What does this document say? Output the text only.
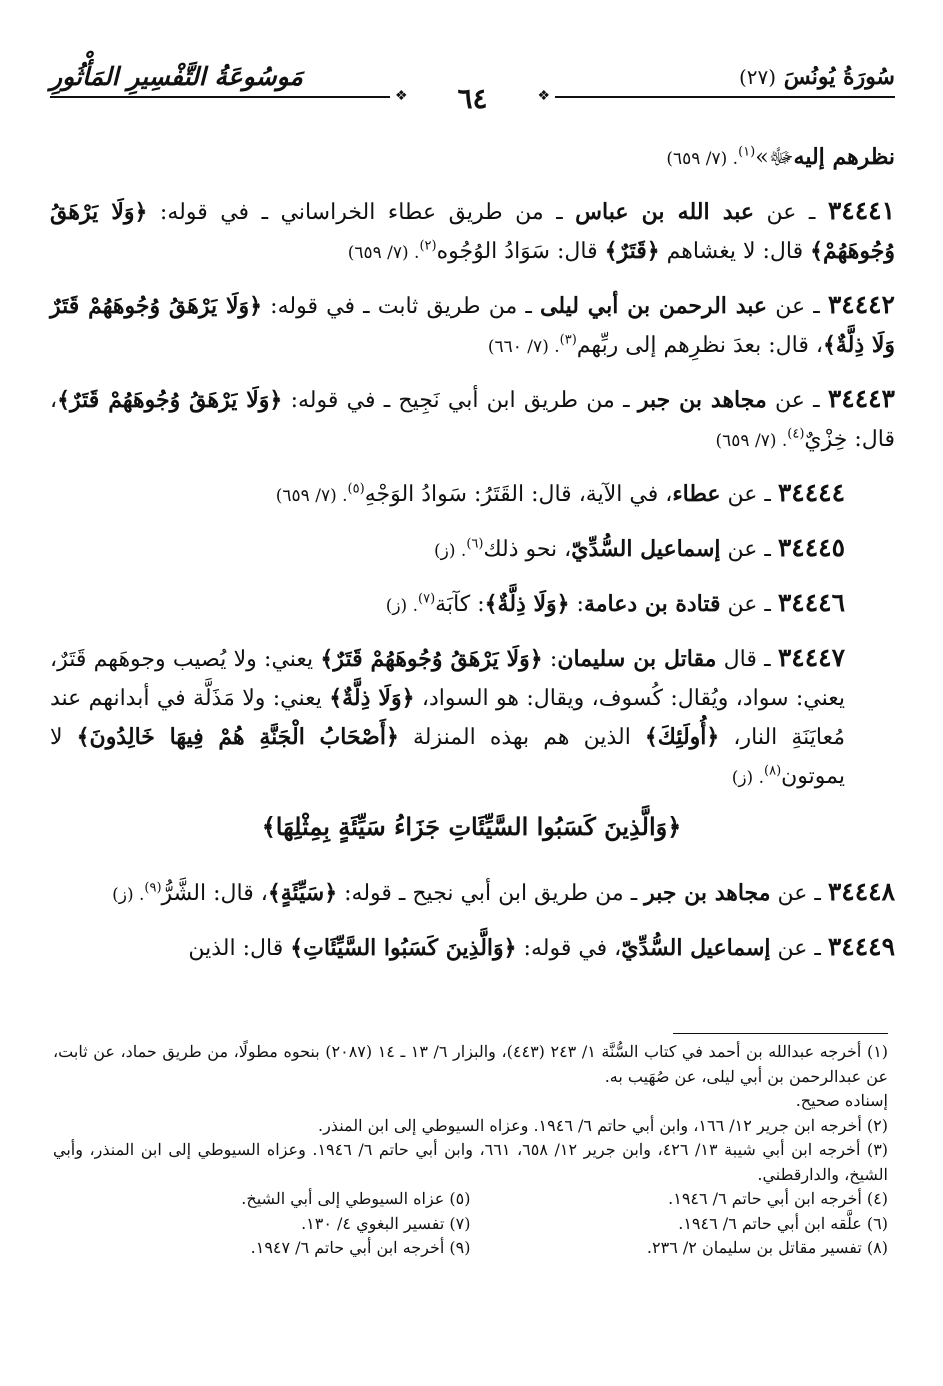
سُورَةُ يُونُسَ (٢٧)
مَوسُوعَةُ التَّفْسِيرِ المَأْثُورِ
❖
❖ ٦٤

نظرهم إليهﷻ»$^{(١)}$. (٧/ ٦٥٩)

٣٤٤٤١ ـ عن عبد الله بن عباس ـ من طريق عطاء الخراساني ـ في قوله: ﴿وَلَا يَرْهَقُ وُجُوهَهُمْ﴾ قال: لا يغشاهم ﴿قَتَرٌ﴾ قال: سَوَادُ الوُجُوه$^{(٢)}$. (٧/ ٦٥٩)

٣٤٤٤٢ ـ عن عبد الرحمن بن أبي ليلى ـ من طريق ثابت ـ في قوله: ﴿وَلَا يَرْهَقُ وُجُوهَهُمْ قَتَرٌ وَلَا ذِلَّةٌ﴾، قال: بعدَ نظرِهم إلى ربِّهم$^{(٣)}$. (٧/ ٦٦٠)

٣٤٤٤٣ ـ عن مجاهد بن جبر ـ من طريق ابن أبي نَجِيح ـ في قوله: ﴿وَلَا يَرْهَقُ وُجُوهَهُمْ قَتَرٌ﴾، قال: خِزْيٌ$^{(٤)}$. (٧/ ٦٥٩)

٣٤٤٤٤ ـ عن عطاء، في الآية، قال: القَتَرُ: سَوادُ الوَجْهِ$^{(٥)}$. (٧/ ٦٥٩)

٣٤٤٤٥ ـ عن إسماعيل السُّدِّيّ، نحو ذلك$^{(٦)}$. (ز)

٣٤٤٤٦ ـ عن قتادة بن دعامة: ﴿وَلَا ذِلَّةٌ﴾: كآبَة$^{(٧)}$. (ز)

٣٤٤٤٧ ـ قال مقاتل بن سليمان: ﴿وَلَا يَرْهَقُ وُجُوهَهُمْ قَتَرٌ﴾ يعني: ولا يُصيب وجوهَهم قَتَرٌ، يعني: سواد، ويُقال: كُسوف، ويقال: هو السواد، ﴿وَلَا ذِلَّةٌ﴾ يعني: ولا مَذَلَّة في أبدانهم عند مُعايَنَةِ النار، ﴿أُولَئِكَ﴾ الذين هم بهذه المنزلة ﴿أَصْحَابُ الْجَنَّةِ هُمْ فِيهَا خَالِدُونَ﴾ لا يموتون$^{(٨)}$. (ز)

﴿وَالَّذِينَ كَسَبُوا السَّيِّئَاتِ جَزَاءُ سَيِّئَةٍ بِمِثْلِهَا﴾

٣٤٤٤٨ ـ عن مجاهد بن جبر ـ من طريق ابن أبي نجيح ـ قوله: ﴿سَيِّئَةٍ﴾، قال: الشَّرُّ$^{(٩)}$. (ز)

٣٤٤٤٩ ـ عن إسماعيل السُّدِّيّ، في قوله: ﴿وَالَّذِينَ كَسَبُوا السَّيِّئَاتِ﴾ قال: الذين

(١) أخرجه عبدالله بن أحمد في كتاب السُّنَّة ١/ ٢٤٣ (٤٤٣)، والبزار ٦/ ١٣ ـ ١٤ (٢٠٨٧) بنحوه مطولًا، من طريق حماد، عن ثابت، عن عبدالرحمن بن أبي ليلى، عن صُهَيب به.

إسناده صحيح.

(٢) أخرجه ابن جرير ١٢/ ١٦٦، وابن أبي حاتم ٦/ ١٩٤٦. وعزاه السيوطي إلى ابن المنذر.

(٣) أخرجه ابن أبي شيبة ١٣/ ٤٢٦، وابن جرير ١٢/ ٦٥٨، ٦٦١، وابن أبي حاتم ٦/ ١٩٤٦. وعزاه السيوطي إلى ابن المنذر، وأبي الشيخ، والدارقطني.

(٤) أخرجه ابن أبي حاتم ٦/ ١٩٤٦.
(٥) عزاه السيوطي إلى أبي الشيخ.
(٦) علَّقه ابن أبي حاتم ٦/ ١٩٤٦.
(٧) تفسير البغوي ٤/ ١٣٠.
(٨) تفسير مقاتل بن سليمان ٢/ ٢٣٦.
(٩) أخرجه ابن أبي حاتم ٦/ ١٩٤٧.
